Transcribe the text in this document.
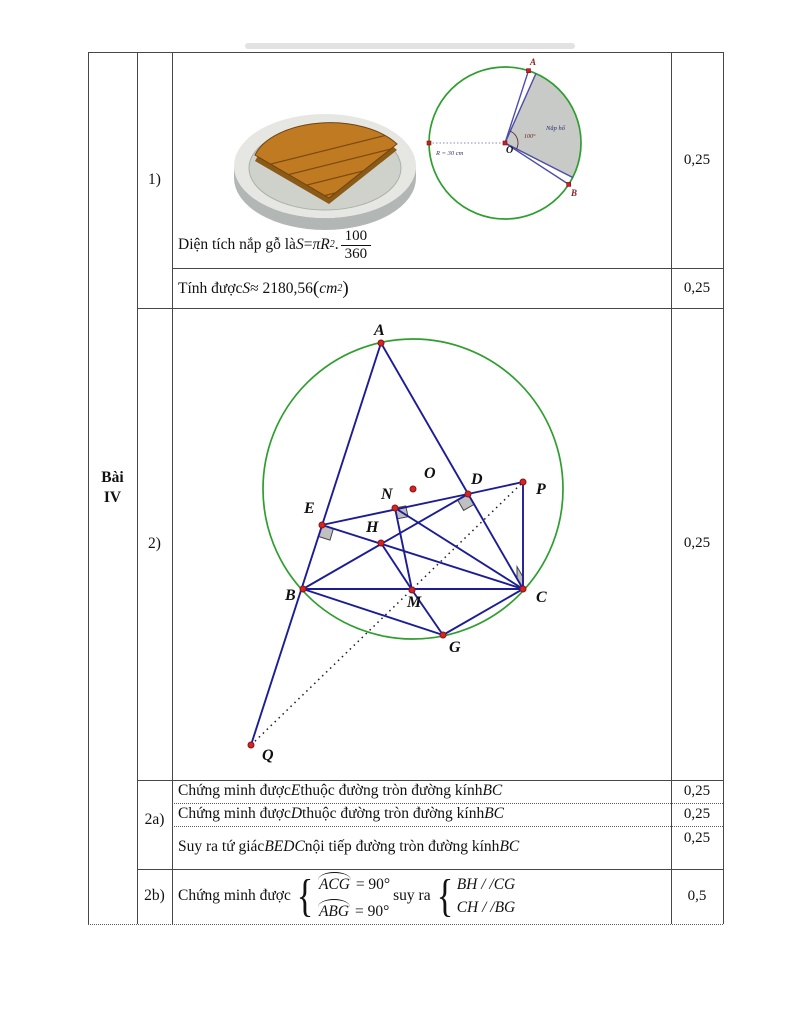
Bài
IV
1)
2)
2a)
2b)
0,25
0,25
0,25
0,25
0,25
0,25
0,5
Diện tích nắp gỗ là S = π R 2 . $\frac{100}{360}$
Tính được S ≈ 2180,56 ( cm 2 )
Chứng minh được E thuộc đường tròn đường kính BC
Chứng minh được D thuộc đường tròn đường kính BC
Suy ra tứ giác BEDC nội tiếp đường tròn đường kính BC
Chứng minh được { ACG = 90°
ABG = 90°
suy ra { BH / /CG
CH / /BG
A
B
O
100°
Nắp hố
R = 30 cm
A
B	C
D
E
G
H
M
N
O
P
Q
